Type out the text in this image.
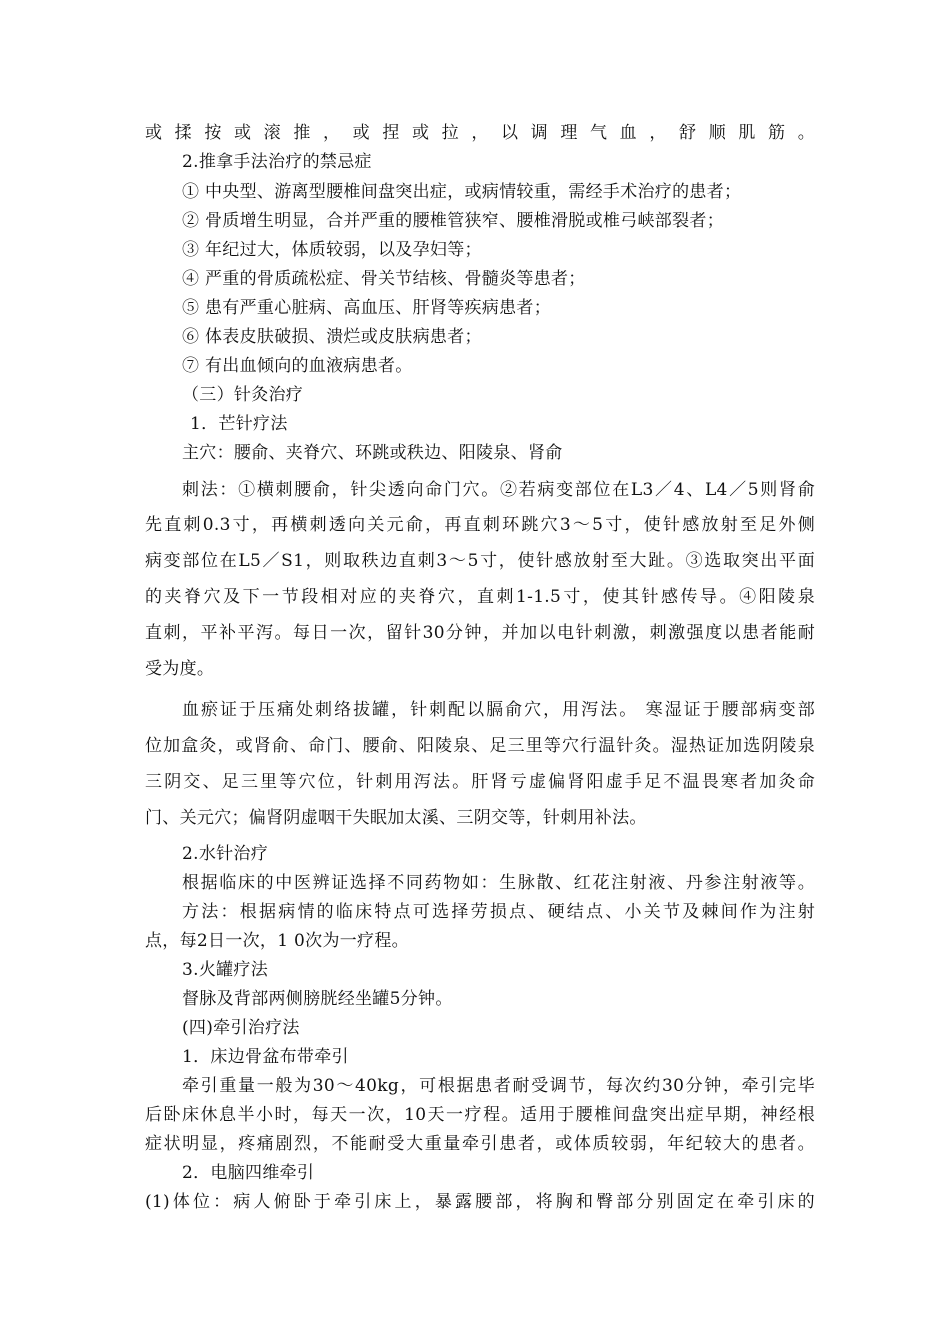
或揉按或滚推，或捏或拉，以调理气血，舒顺肌筋。
2.推拿手法治疗的禁忌症
① 中央型、游离型腰椎间盘突出症，或病情较重，需经手术治疗的患者；
② 骨质增生明显，合并严重的腰椎管狭窄、腰椎滑脱或椎弓峡部裂者；
③ 年纪过大，体质较弱，以及孕妇等；
④ 严重的骨质疏松症、骨关节结核、骨髓炎等患者；
⑤ 患有严重心脏病、高血压、肝肾等疾病患者；
⑥ 体表皮肤破损、溃烂或皮肤病患者；
⑦ 有出血倾向的血液病患者。
（三）针灸治疗
1．芒针疗法
主穴：腰俞、夹脊穴、环跳或秩边、阳陵泉、肾俞
刺法：①横刺腰俞，针尖透向命门穴。②若病变部位在L3／4、L4／5则肾俞
先直刺0.3寸，再横刺透向关元俞，再直刺环跳穴3～5寸，使针感放射至足外侧
病变部位在L5／S1，则取秩边直刺3～5寸，使针感放射至大趾。③选取突出平面
的夹脊穴及下一节段相对应的夹脊穴，直刺1-1.5寸，使其针感传导。④阳陵泉
直刺，平补平泻。每日一次，留针30分钟，并加以电针刺激，刺激强度以患者能耐
受为度。
血瘀证于压痛处刺络拔罐，针刺配以膈俞穴，用泻法。 寒湿证于腰部病变部
位加盒灸，或肾俞、命门、腰俞、阳陵泉、足三里等穴行温针灸。湿热证加选阴陵泉
三阴交、足三里等穴位，针刺用泻法。肝肾亏虚偏肾阳虚手足不温畏寒者加灸命
门、关元穴；偏肾阴虚咽干失眠加太溪、三阴交等，针刺用补法。
2.水针治疗
根据临床的中医辨证选择不同药物如：生脉散、红花注射液、丹参注射液等。
方法：根据病情的临床特点可选择劳损点、硬结点、小关节及棘间作为注射
点，每2日一次，1 0次为一疗程。
3.火罐疗法
督脉及背部两侧膀胱经坐罐5分钟。
(四)牵引治疗法
1．床边骨盆布带牵引
牵引重量一般为30～40kg，可根据患者耐受调节，每次约30分钟，牵引完毕
后卧床休息半小时，每天一次，10天一疗程。适用于腰椎间盘突出症早期，神经根
症状明显，疼痛剧烈，不能耐受大重量牵引患者，或体质较弱，年纪较大的患者。
2．电脑四维牵引
(1)体位：病人俯卧于牵引床上，暴露腰部，将胸和臀部分别固定在牵引床的
